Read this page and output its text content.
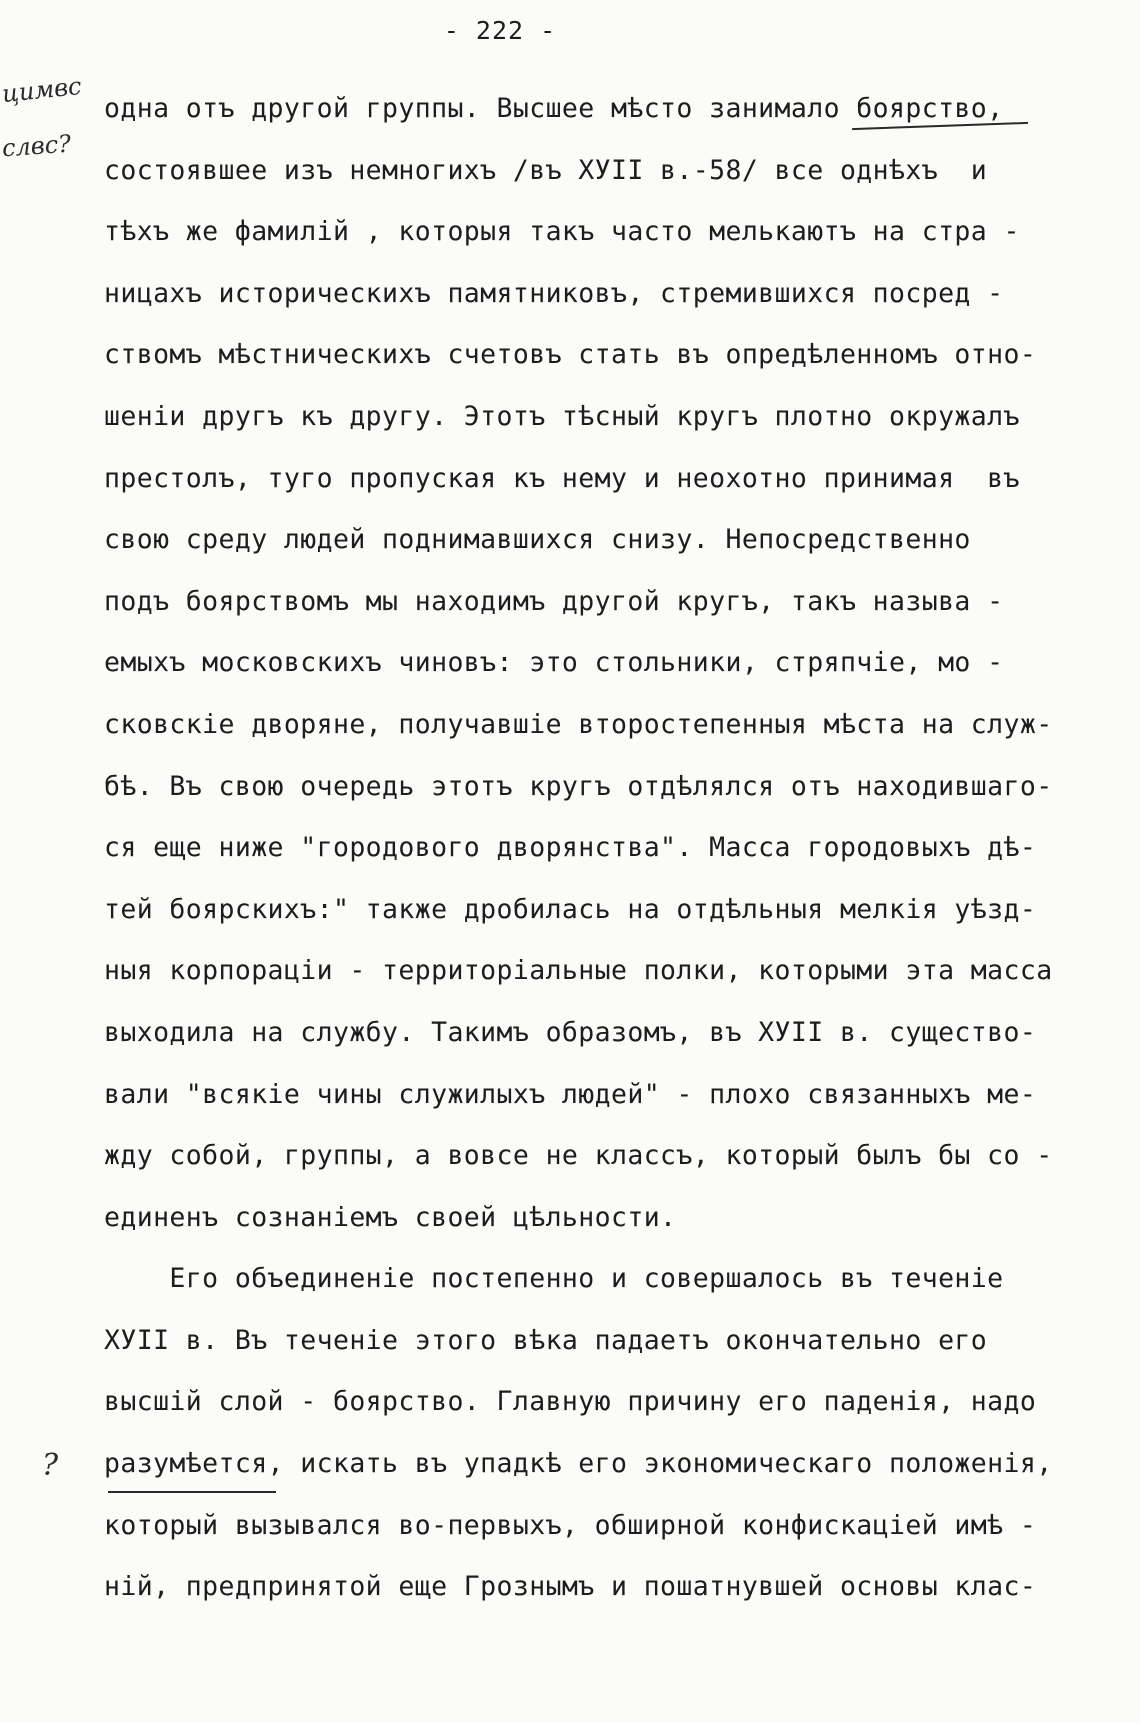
- 222 -
цимвс
слвс?
?
одна отъ другой группы. Высшее мѣсто занимало боярство,
состоявшее изъ немногихъ /въ XУII в.-58/ все однѣхъ  и
тѣхъ же фамилій , которыя такъ часто мелькаютъ на стра -
ницахъ историческихъ памятниковъ, стремившихся посред -
ствомъ мѣстническихъ счетовъ стать въ опредѣленномъ отно-
шеніи другъ къ другу. Этотъ тѣсный кругъ плотно окружалъ
престолъ, туго пропуская къ нему и неохотно принимая  въ
свою среду людей поднимавшихся снизу. Непосредственно
подъ боярствомъ мы находимъ другой кругъ, такъ называ -
емыхъ московскихъ чиновъ: это стольники, стряпчіе, мо -
сковскіе дворяне, получавшіе второстепенныя мѣста на служ-
бѣ. Въ свою очередь этотъ кругъ отдѣлялся отъ находившаго-
ся еще ниже "городового дворянства". Масса городовыхъ дѣ-
тей боярскихъ:" также дробилась на отдѣльныя мелкія уѣзд-
ныя корпораціи - территоріальные полки, которыми эта масса
выходила на службу. Такимъ образомъ, въ XУII в. существо-
вали "всякіе чины служилыхъ людей" - плохо связанныхъ ме-
жду собой, группы, а вовсе не классъ, который былъ бы со -
единенъ сознаніемъ своей цѣльности.
Его объединеніе постепенно и совершалось въ теченіе
XУII в. Въ теченіе этого вѣка падаетъ окончательно его
высшій слой - боярство. Главную причину его паденія, надо
разумѣется, искать въ упадкѣ его экономическаго положенія,
который вызывался во-первыхъ, обширной конфискаціей имѣ -
ній, предпринятой еще Грознымъ и пошатнувшей основы клас-
